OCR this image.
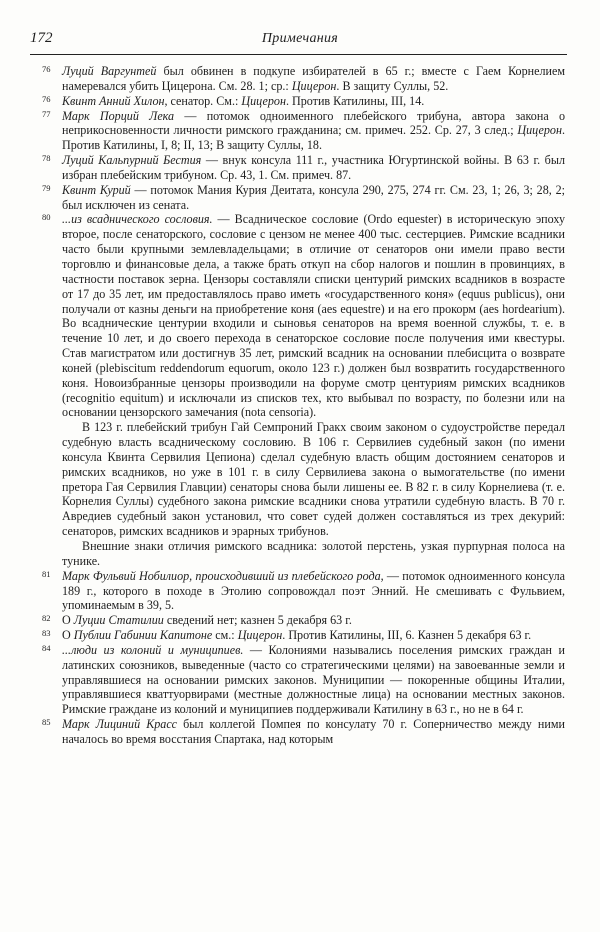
172	Примечания
76 Луций Варгунтей был обвинен в подкупе избирателей в 65 г.; вместе с Гаем Корнелием намеревался убить Цицерона. См. 28. 1; ср.: Цицерон. В защиту Суллы, 52.
76 Квинт Анний Хилон, сенатор. См.: Цицерон. Против Катилины, III, 14.
77 Марк Порций Лека — потомок одноименного плебейского трибуна, автора закона о неприкосновенности личности римского гражданина; см. примеч. 252. Ср. 27, 3 след.; Цицерон. Против Катилины, I, 8; II, 13; В защиту Суллы, 18.
78 Луций Кальпурний Бестия — внук консула 111 г., участника Югуртинской войны. В 63 г. был избран плебейским трибуном. Ср. 43, 1. См. примеч. 87.
79 Квинт Курий — потомок Мания Курия Деитата, консула 290, 275, 274 гг. См. 23, 1; 26, 3; 28, 2; был исключен из сената.
80 ...из всаднического сословия. — Всадническое сословие (Ordo equester) в историческую эпоху второе, после сенаторского, сословие с цензом не менее 400 тыс. сестерциев. Римские всадники часто были крупными землевладельцами; в отличие от сенаторов они имели право вести торговлю и финансовые дела, а также брать откуп на сбор налогов и пошлин в провинциях, в частности поставок зерна. Цензоры составляли списки центурий римских всадников в возрасте от 17 до 35 лет, им предоставлялось право иметь «государственного коня» (equus publicus), они получали от казны деньги на приобретение коня (aes equestre) и на его прокорм (aes hordearium). Во всаднические центурии входили и сыновья сенаторов на время военной службы, т. е. в течение 10 лет, и до своего перехода в сенаторское сословие после получения ими квестуры. Став магистратом или достигнув 35 лет, римский всадник на основании плебисцита о возврате коней (plebiscitum reddendorum equorum, около 123 г.) должен был возвратить государственного коня. Новоизбранные цензоры производили на форуме смотр центуриям римских всадников (recognitio equitum) и исключали из списков тех, кто выбывал по возрасту, по болезни или на основании цензорского замечания (nota censoria).

В 123 г. плебейский трибун Гай Семпроний Гракх своим законом о судоустройстве передал судебную власть всадническому сословию. В 106 г. Сервилиев судебный закон (по имени консула Квинта Сервилия Цепиона) сделал судебную власть общим достоянием сенаторов и римских всадников, но уже в 101 г. в силу Сервилиева закона о вымогательстве (по имени претора Гая Сервилия Главции) сенаторы снова были лишены ее. В 82 г. в силу Корнелиева (т. е. Корнелия Суллы) судебного закона римские всадники снова утратили судебную власть. В 70 г. Авредиев судебный закон установил, что совет судей должен составляться из трех декурий: сенаторов, римских всадников и эрарных трибунов.

Внешние знаки отличия римского всадника: золотой перстень, узкая пурпурная полоса на тунике.

81 Марк Фульвий Нобилиор, происходивший из плебейского рода, — потомок одноименного консула 189 г., которого в походе в Этолию сопровождал поэт Энний. Не смешивать с Фульвием, упоминаемым в 39, 5.
82 О Луции Статилии сведений нет; казнен 5 декабря 63 г.
83 О Публии Габинии Капитоне см.: Цицерон. Против Катилины, III, 6. Казнен 5 декабря 63 г.
84 ...люди из колоний и муниципиев. — Колониями назывались поселения римских граждан и латинских союзников, выведенные (часто со стратегическими целями) на завоеванные земли и управлявшиеся на основании римских законов. Муниципии — покоренные общины Италии, управлявшиеся кваттуорвирами (местные должностные лица) на основании местных законов. Римские граждане из колоний и муниципиев поддерживали Катилину в 63 г., но не в 64 г.
85 Марк Лициний Красс был коллегой Помпея по консулату 70 г. Соперничество между ними началось во время восстания Спартака, над которым
